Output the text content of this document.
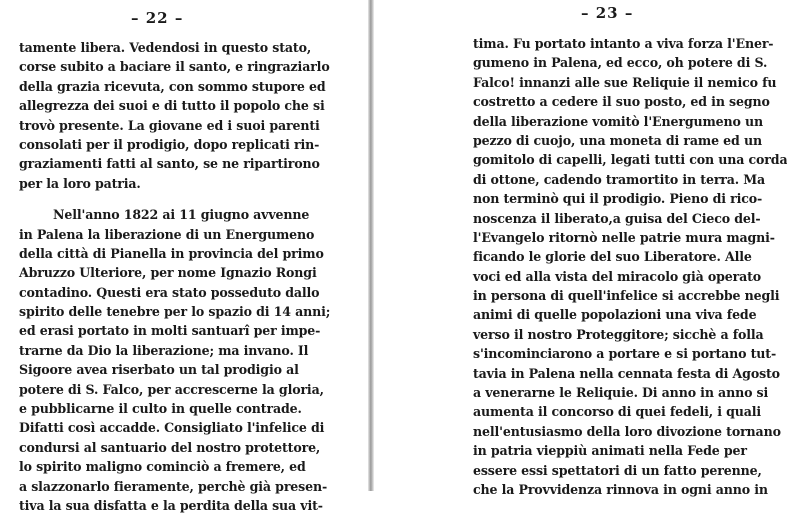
– 22 –
tamente libera. Vedendosi in questo stato,
corse subito a baciare il santo, e ringraziarlo
della grazia ricevuta, con sommo stupore ed
allegrezza dei suoi e di tutto il popolo che si
trovò presente. La giovane ed i suoi parenti
consolati per il prodigio, dopo replicati rin-
graziamenti fatti al santo, se ne ripartirono
per la loro patria.
Nell'anno 1822 ai 11 giugno avvenne
in Palena la liberazione di un Energumeno
della città di Pianella in provincia del primo
Abruzzo Ulteriore, per nome Ignazio Rongi
contadino. Questi era stato posseduto dallo
spirito delle tenebre per lo spazio di 14 anni;
ed erasi portato in molti santuarî per impe-
trarne da Dio la liberazione; ma invano. Il
Sigoore avea riserbato un tal prodigio al
potere di S. Falco, per accrescerne la gloria,
e pubblicarne il culto in quelle contrade.
Difatti così accadde. Consigliato l'infelice di
condursi al santuario del nostro protettore,
lo spirito maligno cominciò a fremere, ed
a slazzonarlo fieramente, perchè già presen-
tiva la sua disfatta e la perdita della sua vit-
– 23 –
tima. Fu portato intanto a viva forza l'Ener-
gumeno in Palena, ed ecco, oh potere di S.
Falco! innanzi alle sue Reliquie il nemico fu
costretto a cedere il suo posto, ed in segno
della liberazione vomitò l'Energumeno un
pezzo di cuojo, una moneta di rame ed un
gomitolo di capelli, legati tutti con una corda
di ottone, cadendo tramortito in terra. Ma
non terminò qui il prodigio. Pieno di rico-
noscenza il liberato,a guisa del Cieco del-
l'Evangelo ritornò nelle patrie mura magni-
ficando le glorie del suo Liberatore. Alle
voci ed alla vista del miracolo già operato
in persona di quell'infelice si accrebbe negli
animi di quelle popolazioni una viva fede
verso il nostro Proteggitore; sicchè a folla
s'incominciarono a portare e si portano tut-
tavia in Palena nella cennata festa di Agosto
a venerarne le Reliquie. Di anno in anno si
aumenta il concorso di quei fedeli, i quali
nell'entusiasmo della loro divozione tornano
in patria vieppiù animati nella Fede per
essere essi spettatori di un fatto perenne,
che la Provvidenza rinnova in ogni anno in
